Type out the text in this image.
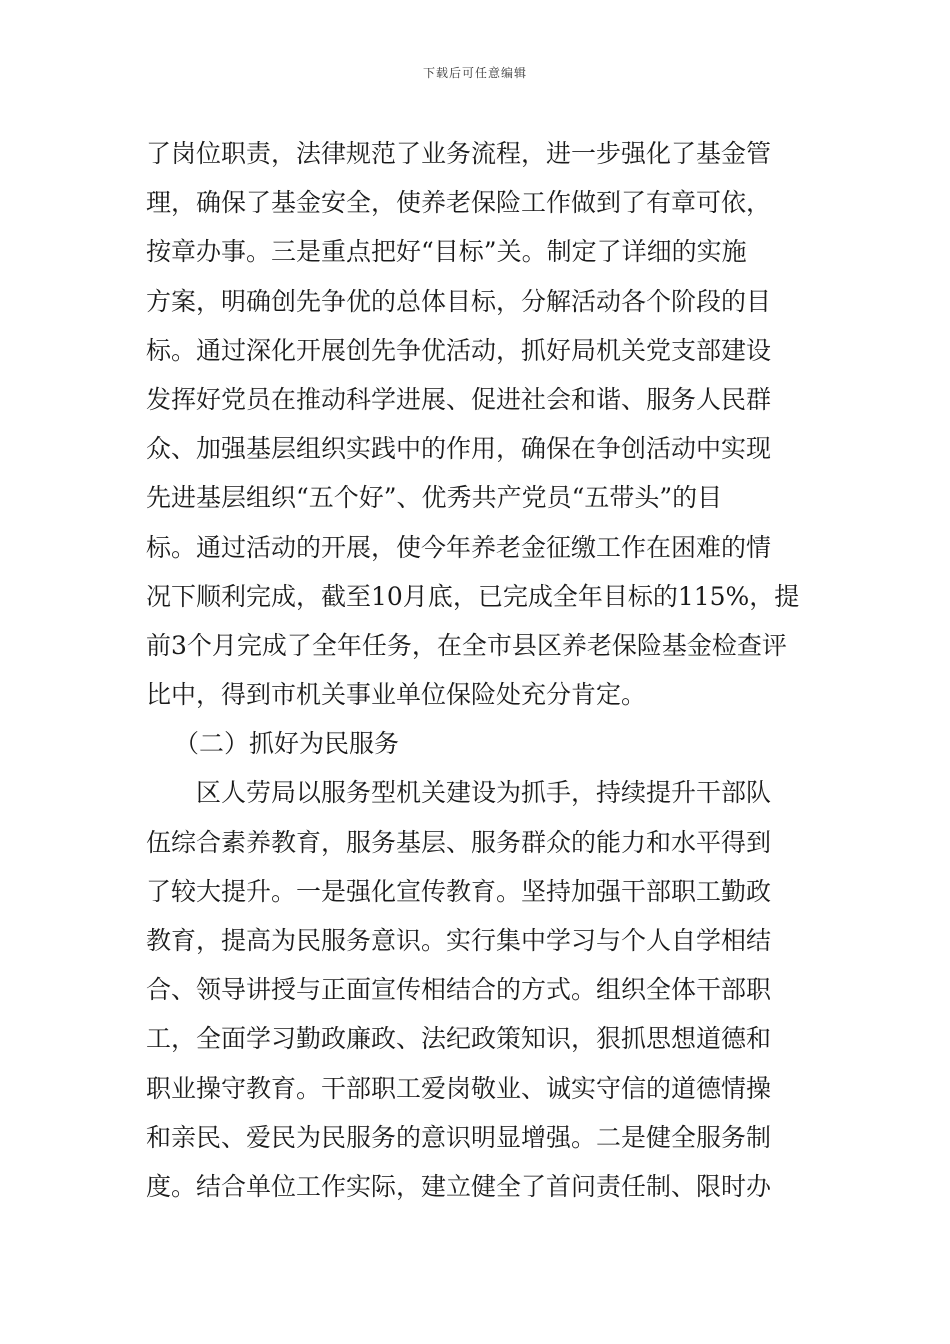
下载后可任意编辑
了岗位职责，法律规范了业务流程，进一步强化了基金管
理，确保了基金安全，使养老保险工作做到了有章可依，
按章办事。三是重点把好“目标”关。制定了详细的实施
方案，明确创先争优的总体目标，分解活动各个阶段的目
标。通过深化开展创先争优活动，抓好局机关党支部建设
发挥好党员在推动科学进展、促进社会和谐、服务人民群
众、加强基层组织实践中的作用，确保在争创活动中实现
先进基层组织“五个好”、优秀共产党员“五带头”的目
标。通过活动的开展，使今年养老金征缴工作在困难的情
况下顺利完成，截至10月底，已完成全年目标的115%，提
前3个月完成了全年任务，在全市县区养老保险基金检查评
比中，得到市机关事业单位保险处充分肯定。
（二）抓好为民服务
区人劳局以服务型机关建设为抓手，持续提升干部队
伍综合素养教育，服务基层、服务群众的能力和水平得到
了较大提升。一是强化宣传教育。坚持加强干部职工勤政
教育，提高为民服务意识。实行集中学习与个人自学相结
合、领导讲授与正面宣传相结合的方式。组织全体干部职
工，全面学习勤政廉政、法纪政策知识，狠抓思想道德和
职业操守教育。干部职工爱岗敬业、诚实守信的道德情操
和亲民、爱民为民服务的意识明显增强。二是健全服务制
度。结合单位工作实际，建立健全了首问责任制、限时办
